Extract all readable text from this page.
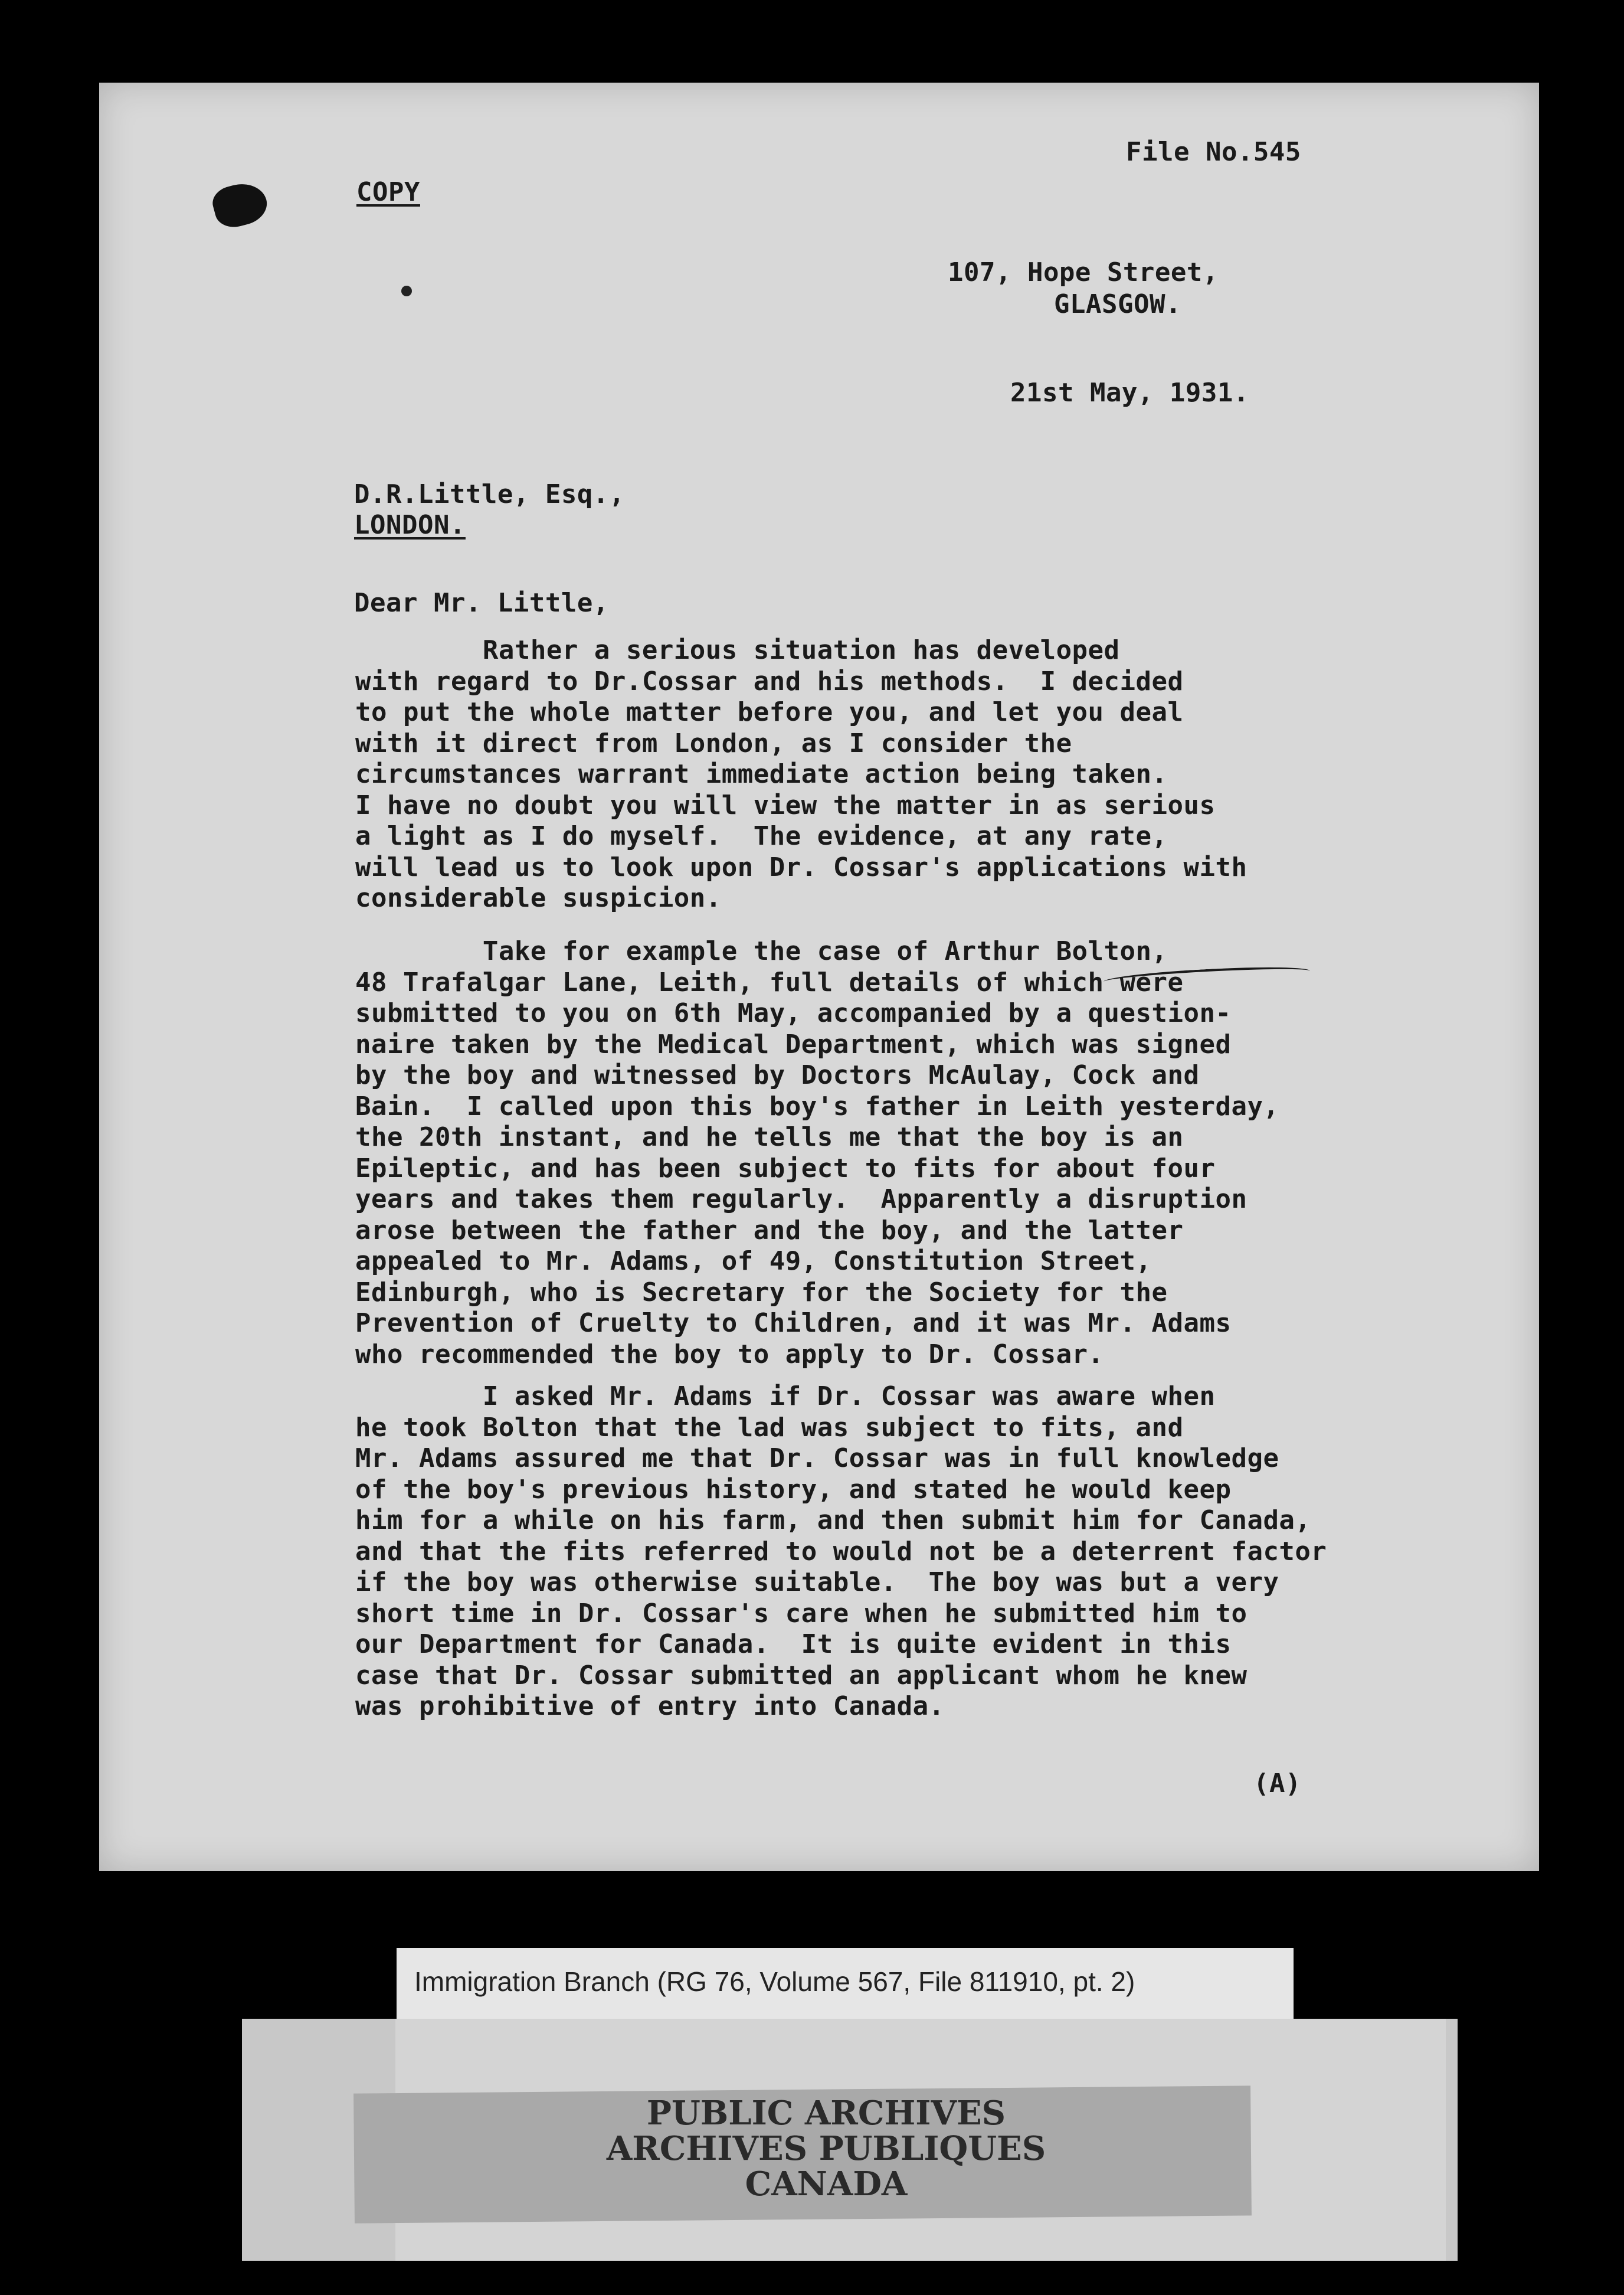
File No.545
COPY
107, Hope Street,
GLASGOW.
21st May, 1931.
D.R.Little, Esq.,
LONDON.
Dear Mr. Little,
Rather a serious situation has developed
with regard to Dr.Cossar and his methods.  I decided
to put the whole matter before you, and let you deal
with it direct from London, as I consider the
circumstances warrant immediate action being taken.
I have no doubt you will view the matter in as serious
a light as I do myself.  The evidence, at any rate,
will lead us to look upon Dr. Cossar's applications with
considerable suspicion.
Take for example the case of Arthur Bolton,
48 Trafalgar Lane, Leith, full details of which were
submitted to you on 6th May, accompanied by a question-
naire taken by the Medical Department, which was signed
by the boy and witnessed by Doctors McAulay, Cock and
Bain.  I called upon this boy's father in Leith yesterday,
the 20th instant, and he tells me that the boy is an
Epileptic, and has been subject to fits for about four
years and takes them regularly.  Apparently a disruption
arose between the father and the boy, and the latter
appealed to Mr. Adams, of 49, Constitution Street,
Edinburgh, who is Secretary for the Society for the
Prevention of Cruelty to Children, and it was Mr. Adams
who recommended the boy to apply to Dr. Cossar.
I asked Mr. Adams if Dr. Cossar was aware when
he took Bolton that the lad was subject to fits, and
Mr. Adams assured me that Dr. Cossar was in full knowledge
of the boy's previous history, and stated he would keep
him for a while on his farm, and then submit him for Canada,
and that the fits referred to would not be a deterrent factor
if the boy was otherwise suitable.  The boy was but a very
short time in Dr. Cossar's care when he submitted him to
our Department for Canada.  It is quite evident in this
case that Dr. Cossar submitted an applicant whom he knew
was prohibitive of entry into Canada.
(A)
Immigration Branch (RG 76, Volume 567, File 811910, pt. 2)
PUBLIC ARCHIVES
ARCHIVES PUBLIQUES
CANADA
